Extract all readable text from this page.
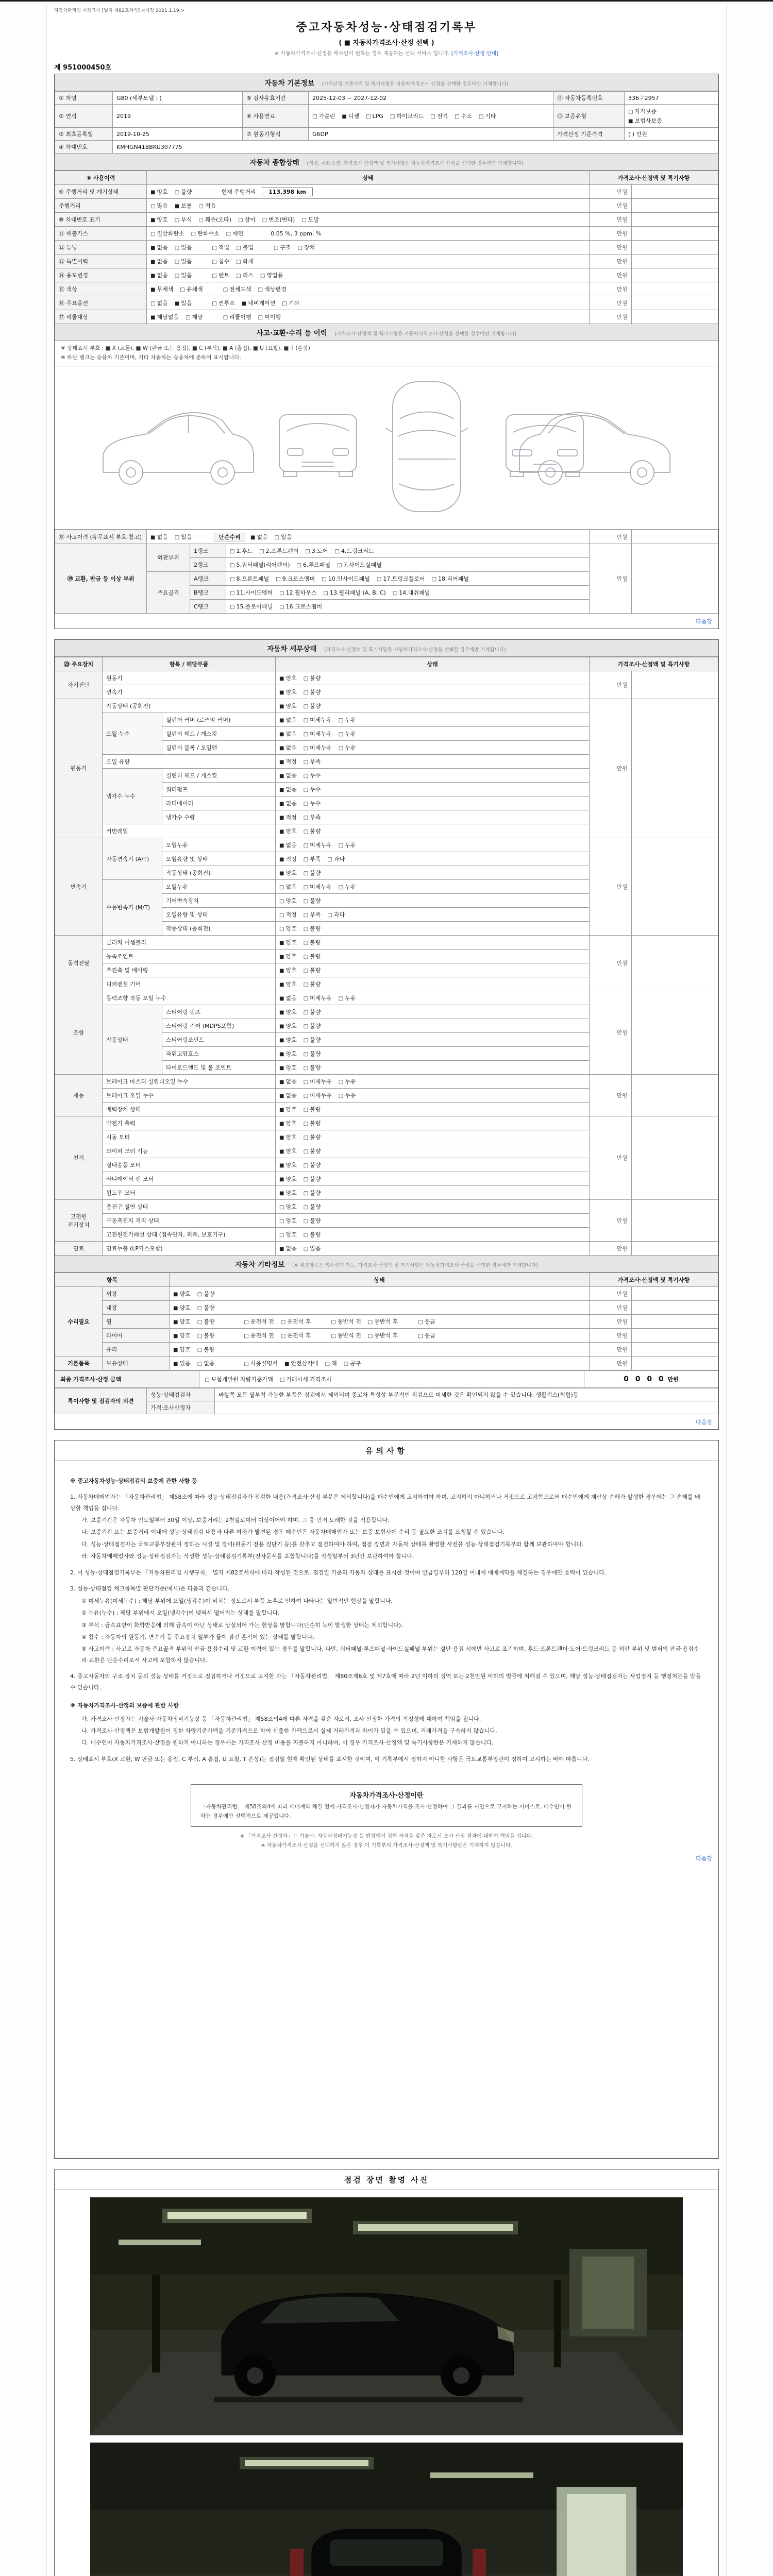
자동차관리법 시행규칙 [별지 제82호서식] <개정 2021.1.19.>
중고자동차성능·상태점검기록부
( ■ 자동차가격조사·산정 선택 )
※ 자동차가격조사·산정은 매수인이 원하는 경우 제공하는 선택 서비스 입니다. [가격조사·산정 안내]
제 951000450호
자동차 기본정보 (가격산정 기준가격 및 특기사항은 자동차가격조사·산정을 선택한 경우에만 기재합니다)
① 차명	G80 (세부모델 : )	⑤ 검사유효기간	2025-12-03 ~ 2027-12-02	⑪ 자동차등록번호	336구2957
② 연식	2019	⑥ 사용연료	□ 가솔린 ■ 디젤 □ LPG □ 하이브리드 □ 전기 □ 수소 □ 기타	⑫ 보증유형	□ 자가보증■ 보험사보증
③ 최초등록일	2019-10-25	⑦ 원동기형식	G6DP	가격산정 기준가격	( ) 만원
④ 차대번호	KMHGN41BBKU307775				
자동차 종합상태 (색상, 주요옵션, 가격조사·산정액 및 특기사항은 자동차가격조사·산정을 선택한 경우에만 기재합니다)
⑧ 사용이력	상태	가격조사·산정액 및 특기사항	
⑨ 주행거리 및 계기상태	■ 양호 □ 불량 현재 주행거리 113,398 km	만원	
주행거리	□ 많음 ■ 보통 □ 적음	만원	
⑩ 차대번호 표기	■ 양호 □ 부식 □ 훼손(오타) □ 상이 □ 변조(변타) □ 도말	만원	
⑪ 배출가스	□ 일산화탄소 □ 탄화수소 □ 매연 0.05 %, 3 ppm, %	만원	
⑫ 튜닝	■ 없음 □ 있음 □ 적법 □ 불법 □ 구조 □ 장치	만원	
⑬ 특별이력	■ 없음 □ 있음 □ 침수 □ 화재	만원	
⑭ 용도변경	■ 없음 □ 있음 □ 렌트 □ 리스 □ 영업용	만원	
⑮ 색상	■ 무채색 □ 유채색 □ 전체도색 □ 색상변경	만원	
⑯ 주요옵션	□ 없음 ■ 있음 □ 썬루프 ■ 네비게이션 □ 기타	만원	
⑰ 리콜대상	■ 해당없음 □ 해당 □ 리콜이행 □ 미이행	만원	
사고·교환·수리 등 이력 (가격조사·산정액 및 특기사항은 자동차가격조사·산정을 선택한 경우에만 기재합니다)
※ 상태표시 부호 : ■ X (교환), ■ W (판금 또는 용접), ■ C (부식), ■ A (흠집), ■ U (요철), ■ T (손상)
※ 하단 랭크는 승용차 기준이며, 기타 자동차는 승용차에 준하여 표시합니다.
⑱ 사고이력 (유무표시 부호 참고)	■ 없음 □ 있음 단순수리 ■ 없음 □ 있음			만원	
⑲ 교환, 판금 등 이상 부위	외판부위	1랭크	□ 1.후드 □ 2.프론트펜더 □ 3.도어 □ 4.트렁크리드	만원	
		2랭크	□ 5.쿼터패널(리어펜더) □ 6.루프패널 □ 7.사이드실패널		
	주요골격	A랭크	□ 8.프론트패널 □ 9.크로스멤버 □ 10.인사이드패널 □ 17.트렁크플로어 □ 18.리어패널		
		B랭크	□ 11.사이드멤버 □ 12.휠하우스 □ 13.필러패널 (A, B, C) □ 14.대쉬패널		
		C랭크	□ 15.플로어패널 □ 16.크로스멤버		
다음장
자동차 세부상태 (가격조사·산정액 및 특기사항은 자동차가격조사·산정을 선택한 경우에만 기재합니다)
⑳ 주요장치	항목 / 해당부품		상태	가격조사·산정액 및 특기사항	
자기진단	원동기		■ 양호 □ 불량	만원	
	변속기		■ 양호 □ 불량		
원동기	작동상태 (공회전)		■ 양호 □ 불량	만원	
	오일 누수	실린더 커버 (로커암 커버)	■ 없음 □ 미세누유 □ 누유		
		실린더 헤드 / 개스킷	■ 없음 □ 미세누유 □ 누유		
		실린더 블록 / 오일팬	■ 없음 □ 미세누유 □ 누유		
	오일 유량		■ 적정 □ 부족		
	냉각수 누수	실린더 헤드 / 개스킷	■ 없음 □ 누수		
		워터펌프	■ 없음 □ 누수		
		라디에이터	■ 없음 □ 누수		
		냉각수 수량	■ 적정 □ 부족		
	커먼레일		■ 양호 □ 불량		
변속기	자동변속기 (A/T)	오일누유	■ 없음 □ 미세누유 □ 누유	만원	
		오일유량 및 상태	■ 적정 □ 부족 □ 과다		
		작동상태 (공회전)	■ 양호 □ 불량		
	수동변속기 (M/T)	오일누유	□ 없음 □ 미세누유 □ 누유		
		기어변속장치	□ 양호 □ 불량		
		오일유량 및 상태	□ 적정 □ 부족 □ 과다		
		작동상태 (공회전)	□ 양호 □ 불량		
동력전달	클러치 어셈블리		■ 양호 □ 불량	만원	
	등속조인트		■ 양호 □ 불량		
	추진축 및 베어링		■ 양호 □ 불량		
	디퍼렌셜 기어		■ 양호 □ 불량		
조향	동력조향 작동 오일 누수		■ 없음 □ 미세누유 □ 누유	만원	
	작동상태	스티어링 펌프	■ 양호 □ 불량		
		스티어링 기어 (MDPS포함)	■ 양호 □ 불량		
		스티어링조인트	■ 양호 □ 불량		
		파워고압호스	■ 양호 □ 불량		
		타이로드엔드 및 볼 조인트	■ 양호 □ 불량		
제동	브레이크 마스터 실린더오일 누수		■ 없음 □ 미세누유 □ 누유	만원	
	브레이크 오일 누수		■ 없음 □ 미세누유 □ 누유		
	배력장치 상태		■ 양호 □ 불량		
전기	발전기 출력		■ 양호 □ 불량	만원	
	시동 모터		■ 양호 □ 불량		
	와이퍼 모터 기능		■ 양호 □ 불량		
	실내송풍 모터		■ 양호 □ 불량		
	라디에이터 팬 모터		■ 양호 □ 불량		
	윈도우 모터		■ 양호 □ 불량		
고전원 전기장치	충전구 절연 상태		□ 양호 □ 불량	만원	
	구동축전지 격리 상태		□ 양호 □ 불량		
	고전원전기배선 상태 (접속단자, 피복, 보호기구)		□ 양호 □ 불량		
연료	연료누출 (LP가스포함)		■ 없음 □ 있음	만원	
자동차 기타정보 (※ 체크항목은 복수선택 가능, 가격조사·산정액 및 특기사항은 자동차가격조사·산정을 선택한 경우에만 기재합니다)
항목		상태	가격조사·산정액 및 특기사항	
수리필요	외장	■ 양호 □ 불량	만원	
	내장	■ 양호 □ 불량	만원	
	휠	■ 양호 □ 불량 □ 운전석 전 □ 운전석 후 □ 동반석 전 □ 동반석 후 □ 응급	만원	
	타이어	■ 양호 □ 불량 □ 운전석 전 □ 운전석 후 □ 동반석 전 □ 동반석 후 □ 응급	만원	
	유리	■ 양호 □ 불량	만원	
기본품목	보유상태	■ 있음 □ 없음 □ 사용설명서 ■ 안전삼각대 □ 잭 □ 공구	만원	
최종 가격조사·산정 금액	□ 보험개발원 차량기준가액 □ 거래시세 가격조사	0 0 0 0 만원
특이사항 및 점검자의 의견	성능·상태점검자	바깥쪽 모든 탈부착 가능한 부품은 점검에서 제외되며 중고차 특성상 부분적인 점검으로 미세한 것은 확인되지 않을 수 있습니다. 생활기스(찍힘)등
	가격·조사산정자	
다음장
유의사항
※ 중고자동차성능·상태점검의 보증에 관한 사항 등
1. 자동차매매업자는 「자동차관리법」 제58조에 따라 성능·상태점검자가 점검한 내용(가격조사·산정 부분은 제외합니다)을 매수인에게 고지하여야 하며, 고지하지 아니하거나 거짓으로 고지함으로써 매수인에게 재산상 손해가 발생한 경우에는 그 손해를 배상할 책임을 집니다.
가. 보증기간은 자동차 인도일부터 30일 이상, 보증거리는 2천킬로미터 이상이어야 하며, 그 중 먼저 도래한 것을 적용합니다.
나. 보증기간 또는 보증거리 이내에 성능·상태점검 내용과 다른 하자가 발견된 경우 매수인은 자동차매매업자 또는 보증 보험사에 수리 등 필요한 조치를 요청할 수 있습니다.
다. 성능·상태점검자는 국토교통부장관이 정하는 시설 및 장비(원동기 전용 진단기 등)를 갖추고 점검하여야 하며, 점검 장면과 자동차 상태를 촬영한 사진을 성능·상태점검기록부와 함께 보관하여야 합니다.
라. 자동차매매업자와 성능·상태점검자는 작성한 성능·상태점검기록부(전자문서를 포함합니다)를 작성일부터 3년간 보관하여야 합니다.
2. 이 성능·상태점검기록부는 「자동차관리법 시행규칙」 별지 제82호서식에 따라 작성된 것으로, 점검일 기준의 자동차 상태를 표시한 것이며 발급일부터 120일 이내에 매매계약을 체결하는 경우에만 효력이 있습니다.
3. 성능·상태점검 체크항목별 판단기준(예시)은 다음과 같습니다.
① 미세누유(미세누수) : 해당 부위에 오일(냉각수)이 비치는 정도로서 부품 노후로 인하여 나타나는 일반적인 현상을 말합니다.
② 누유(누수) : 해당 부위에서 오일(냉각수)이 맺혀서 떨어지는 상태를 말합니다.
③ 부식 : 금속표면이 화학반응에 의해 금속이 아닌 상태로 상실되어 가는 현상을 말합니다(단순히 녹이 발생한 상태는 제외합니다).
④ 침수 : 자동차의 원동기, 변속기 등 주요장치 일부가 물에 잠긴 흔적이 있는 상태를 말합니다.
⑤ 사고이력 : 사고로 자동차 주요골격 부위의 판금·용접수리 및 교환 이력이 있는 경우를 말합니다. 다만, 쿼터패널·루프패널·사이드실패널 부위는 절단·용접 시에만 사고로 표기하며, 후드·프론트펜더·도어·트렁크리드 등 외판 부위 및 범퍼의 판금·용접수리·교환은 단순수리로서 사고에 포함하지 않습니다.
4. 중고자동차의 구조·장치 등의 성능·상태를 거짓으로 점검하거나 거짓으로 고지한 자는 「자동차관리법」 제80조제6호 및 제7호에 따라 2년 이하의 징역 또는 2천만원 이하의 벌금에 처해질 수 있으며, 해당 성능·상태점검자는 사업정지 등 행정처분을 받을 수 있습니다.
※ 자동차가격조사·산정의 보증에 관한 사항
가. 가격조사·산정자는 기술사·자동차정비기능장 등 「자동차관리법」 제58조의4에 따른 자격을 갖춘 자로서, 조사·산정한 가격의 적정성에 대하여 책임을 집니다.
나. 가격조사·산정액은 보험개발원이 정한 차량기준가액을 기준가격으로 하여 산출한 가액으로서 실제 거래가격과 차이가 있을 수 있으며, 거래가격을 구속하지 않습니다.
다. 매수인이 자동차가격조사·산정을 원하지 아니하는 경우에는 가격조사·산정 비용을 지불하지 아니하며, 이 경우 가격조사·산정액 및 특기사항란은 기재하지 않습니다.
5. 상태표시 부호(X 교환, W 판금 또는 용접, C 부식, A 흠집, U 요철, T 손상)는 점검일 현재 확인된 상태를 표시한 것이며, 이 기록부에서 정하지 아니한 사항은 국토교통부장관이 정하여 고시하는 바에 따릅니다.
자동차가격조사·산정이란
「자동차관리법」 제58조의4에 따라 매매계약 체결 전에 가격조사·산정자가 자동차가격을 조사·산정하여 그 결과를 서면으로 고지하는 서비스로, 매수인이 원하는 경우에만 선택적으로 제공됩니다.
※ 「가격조사·산정자」는 기술사, 자동차정비기능장 등 법령에서 정한 자격을 갖춘 자로서 조사·산정 결과에 대하여 책임을 집니다.
※ 자동차가격조사·산정을 선택하지 않은 경우 이 기록부의 가격조사·산정액 및 특기사항란은 기재하지 않습니다.
다음장
점검 장면 촬영 사진
